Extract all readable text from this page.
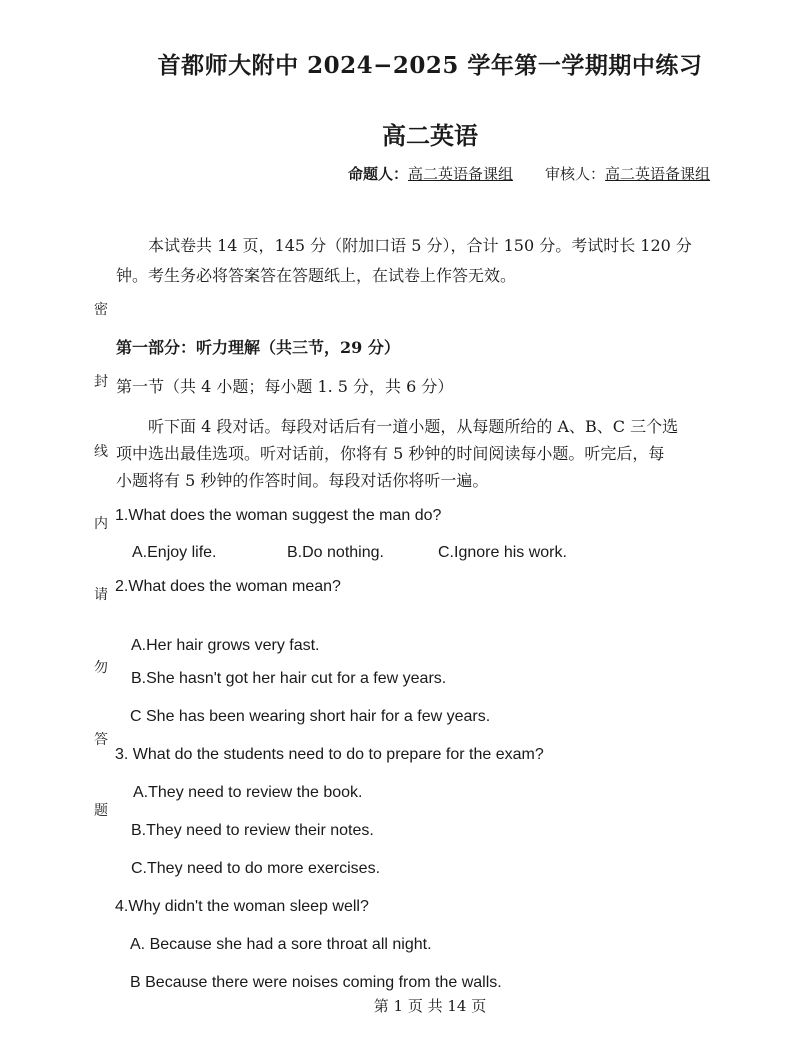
首都师大附中 2024−2025 学年第一学期期中练习
高二英语
命题人：高二英语备课组 审核人：高二英语备课组
本试卷共 14 页，145 分（附加口语 5 分），合计 150 分。考试时长 120 分
钟。考生务必将答案答在答题纸上，在试卷上作答无效。
密
封
线
内
请
勿
答
题
第一部分：听力理解（共三节，29 分）
第一节（共 4 小题；每小题 1. 5 分，共 6 分）
听下面 4 段对话。每段对话后有一道小题，从每题所给的 A、B、C 三个选
项中选出最佳选项。听对话前，你将有 5 秒钟的时间阅读每小题。听完后，每
小题将有 5 秒钟的作答时间。每段对话你将听一遍。
1.What does the woman suggest the man do?
A.Enjoy life.	B.Do nothing.	C.Ignore his work.
2.What does the woman mean?
A.Her hair grows very fast.
B.She hasn't got her hair cut for a few years.
C She has been wearing short hair for a few years.
3. What do the students need to do to prepare for the exam?
A.They need to review the book.
B.They need to review their notes.
C.They need to do more exercises.
4.Why didn't the woman sleep well?
A. Because she had a sore throat all night.
B Because there were noises coming from the walls.
第 1 页 共 14 页
